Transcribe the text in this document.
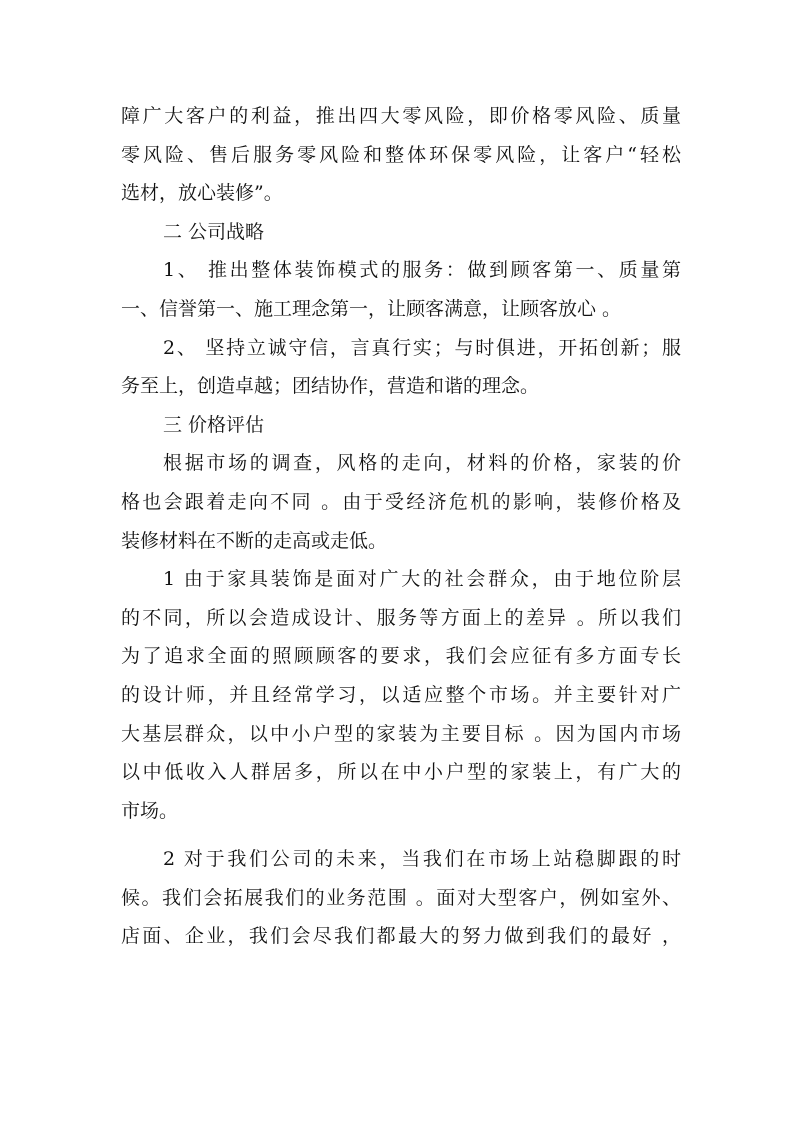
障广大客户的利益，推出四大零风险，即价格零风险、质量
零风险、售后服务零风险和整体环保零风险，让客户“轻松
选材，放心装修”。
二 公司战略
1、 推出整体装饰模式的服务：做到顾客第一、质量第
一、信誉第一、施工理念第一，让顾客满意，让顾客放心 。
2、 坚持立诚守信，言真行实；与时俱进，开拓创新；服
务至上，创造卓越；团结协作，营造和谐的理念。
三 价格评估
根据市场的调查，风格的走向，材料的价格，家装的价
格也会跟着走向不同 。由于受经济危机的影响，装修价格及
装修材料在不断的走高或走低。
1 由于家具装饰是面对广大的社会群众，由于地位阶层
的不同，所以会造成设计、服务等方面上的差异 。所以我们
为了追求全面的照顾顾客的要求，我们会应征有多方面专长
的设计师，并且经常学习，以适应整个市场。并主要针对广
大基层群众，以中小户型的家装为主要目标 。因为国内市场
以中低收入人群居多，所以在中小户型的家装上，有广大的
市场。
2 对于我们公司的未来，当我们在市场上站稳脚跟的时
候。我们会拓展我们的业务范围 。面对大型客户，例如室外、
店面、企业，我们会尽我们都最大的努力做到我们的最好 ，
